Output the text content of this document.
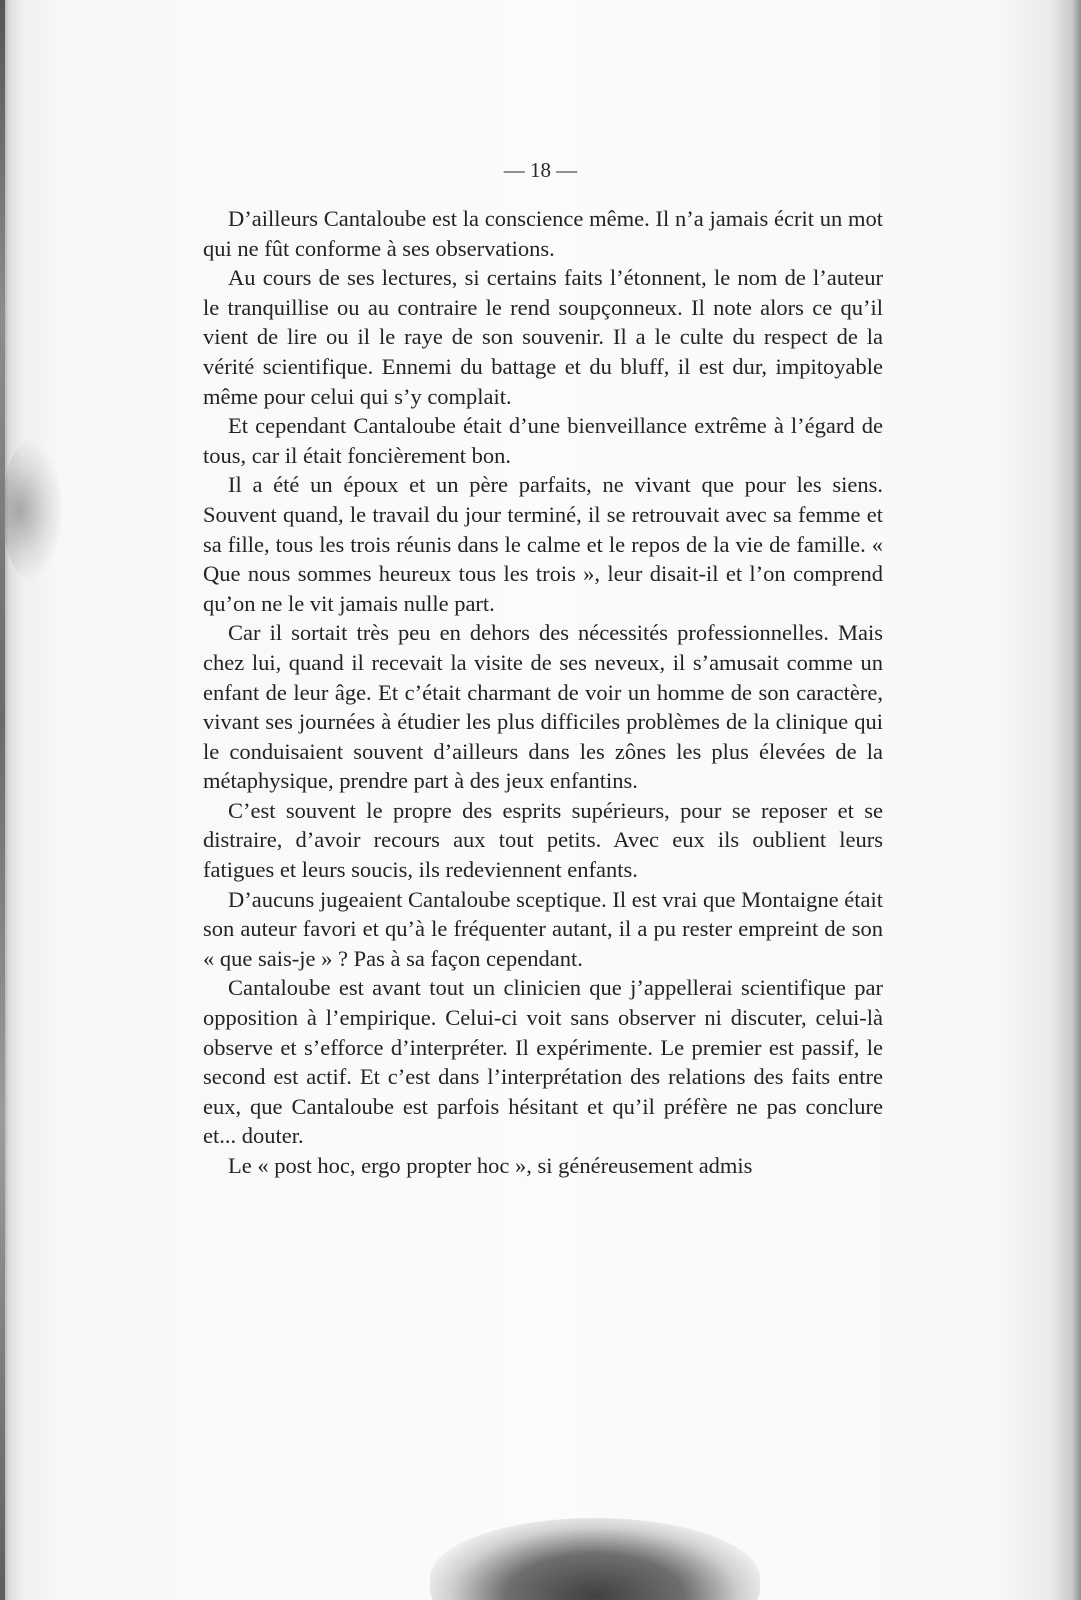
— 18 —

D’ailleurs Cantaloube est la conscience même. Il n’a jamais écrit un mot qui ne fût conforme à ses observations.

Au cours de ses lectures, si certains faits l’étonnent, le nom de l’auteur le tranquillise ou au contraire le rend soupçonneux. Il note alors ce qu’il vient de lire ou il le raye de son souvenir. Il a le culte du respect de la vérité scientifique. Ennemi du battage et du bluff, il est dur, impitoyable même pour celui qui s’y complait.

Et cependant Cantaloube était d’une bienveillance extrême à l’égard de tous, car il était foncièrement bon.

Il a été un époux et un père parfaits, ne vivant que pour les siens. Souvent quand, le travail du jour terminé, il se retrouvait avec sa femme et sa fille, tous les trois réunis dans le calme et le repos de la vie de famille. « Que nous sommes heureux tous les trois », leur disait-il et l’on comprend qu’on ne le vit jamais nulle part.

Car il sortait très peu en dehors des nécessités professionnelles. Mais chez lui, quand il recevait la visite de ses neveux, il s’amusait comme un enfant de leur âge. Et c’était charmant de voir un homme de son caractère, vivant ses journées à étudier les plus difficiles problèmes de la clinique qui le conduisaient souvent d’ailleurs dans les zônes les plus élevées de la métaphysique, prendre part à des jeux enfantins.

C’est souvent le propre des esprits supérieurs, pour se reposer et se distraire, d’avoir recours aux tout petits. Avec eux ils oublient leurs fatigues et leurs soucis, ils redeviennent enfants.

D’aucuns jugeaient Cantaloube sceptique. Il est vrai que Montaigne était son auteur favori et qu’à le fréquenter autant, il a pu rester empreint de son « que sais-je » ? Pas à sa façon cependant.

Cantaloube est avant tout un clinicien que j’appellerai scientifique par opposition à l’empirique. Celui-ci voit sans observer ni discuter, celui-là observe et s’efforce d’interpréter. Il expérimente. Le premier est passif, le second est actif. Et c’est dans l’interprétation des relations des faits entre eux, que Cantaloube est parfois hésitant et qu’il préfère ne pas conclure et... douter.

Le « post hoc, ergo propter hoc », si généreusement admis
